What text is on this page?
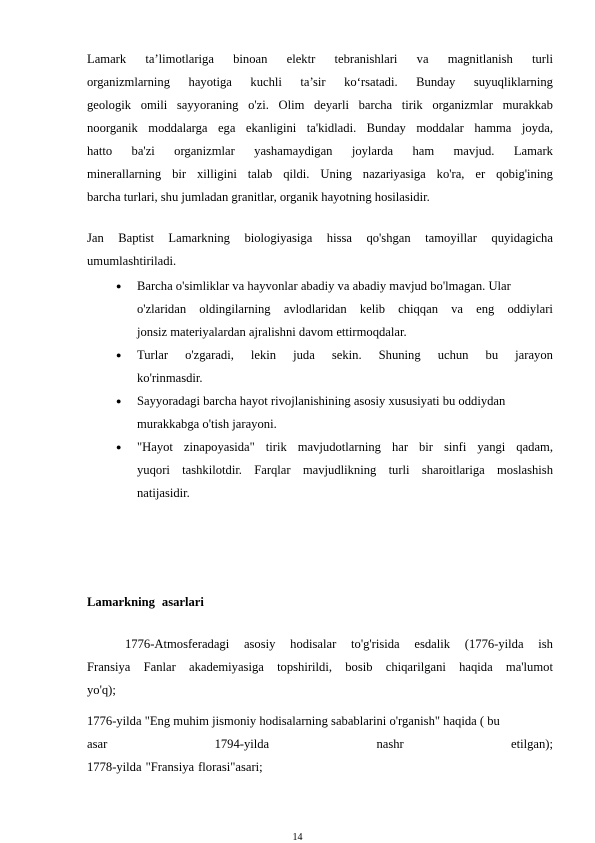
Lamark ta’limotlariga binoan elektr tebranishlari va magnitlanish turli
organizmlarning hayotiga kuchli ta’sir ko‘rsatadi. Bunday suyuqliklarning
geologik omili sayyoraning o'zi. Olim deyarli barcha tirik organizmlar murakkab
noorganik moddalarga ega ekanligini ta'kidladi. Bunday moddalar hamma joyda,
hatto ba'zi organizmlar yashamaydigan joylarda ham mavjud. Lamark
minerallarning bir xilligini talab qildi. Uning nazariyasiga ko'ra, er qobig'ining
barcha turlari, shu jumladan granitlar, organik hayotning hosilasidir.
Jan Baptist Lamarkning biologiyasiga hissa qo'shgan tamoyillar quyidagicha
umumlashtiriladi.
● Barcha o'simliklar va hayvonlar abadiy va abadiy mavjud bo'lmagan. Ular
o'zlaridan oldingilarning avlodlaridan kelib chiqqan va eng oddiylari
jonsiz materiyalardan ajralishni davom ettirmoqdalar.
● Turlar o'zgaradi, lekin juda sekin. Shuning uchun bu jarayon
ko'rinmasdir.
● Sayyoradagi barcha hayot rivojlanishining asosiy xususiyati bu oddiydan
murakkabga o'tish jarayoni.
● "Hayot zinapoyasida" tirik mavjudotlarning har bir sinfi yangi qadam,
yuqori tashkilotdir. Farqlar mavjudlikning turli sharoitlariga moslashish
natijasidir.
Lamarkning asarlari
1776-Atmosferadagi asosiy hodisalar to'g'risida esdalik (1776-yilda ish
Fransiya Fanlar akademiyasiga topshirildi, bosib chiqarilgani haqida ma'lumot
yo'q);
1776-yilda "Eng muhim jismoniy hodisalarning sabablarini o'rganish" haqida ( bu
asar	1794-yilda	nashr	etilgan);
1778-yilda "Fransiya florasi"asari;
14
